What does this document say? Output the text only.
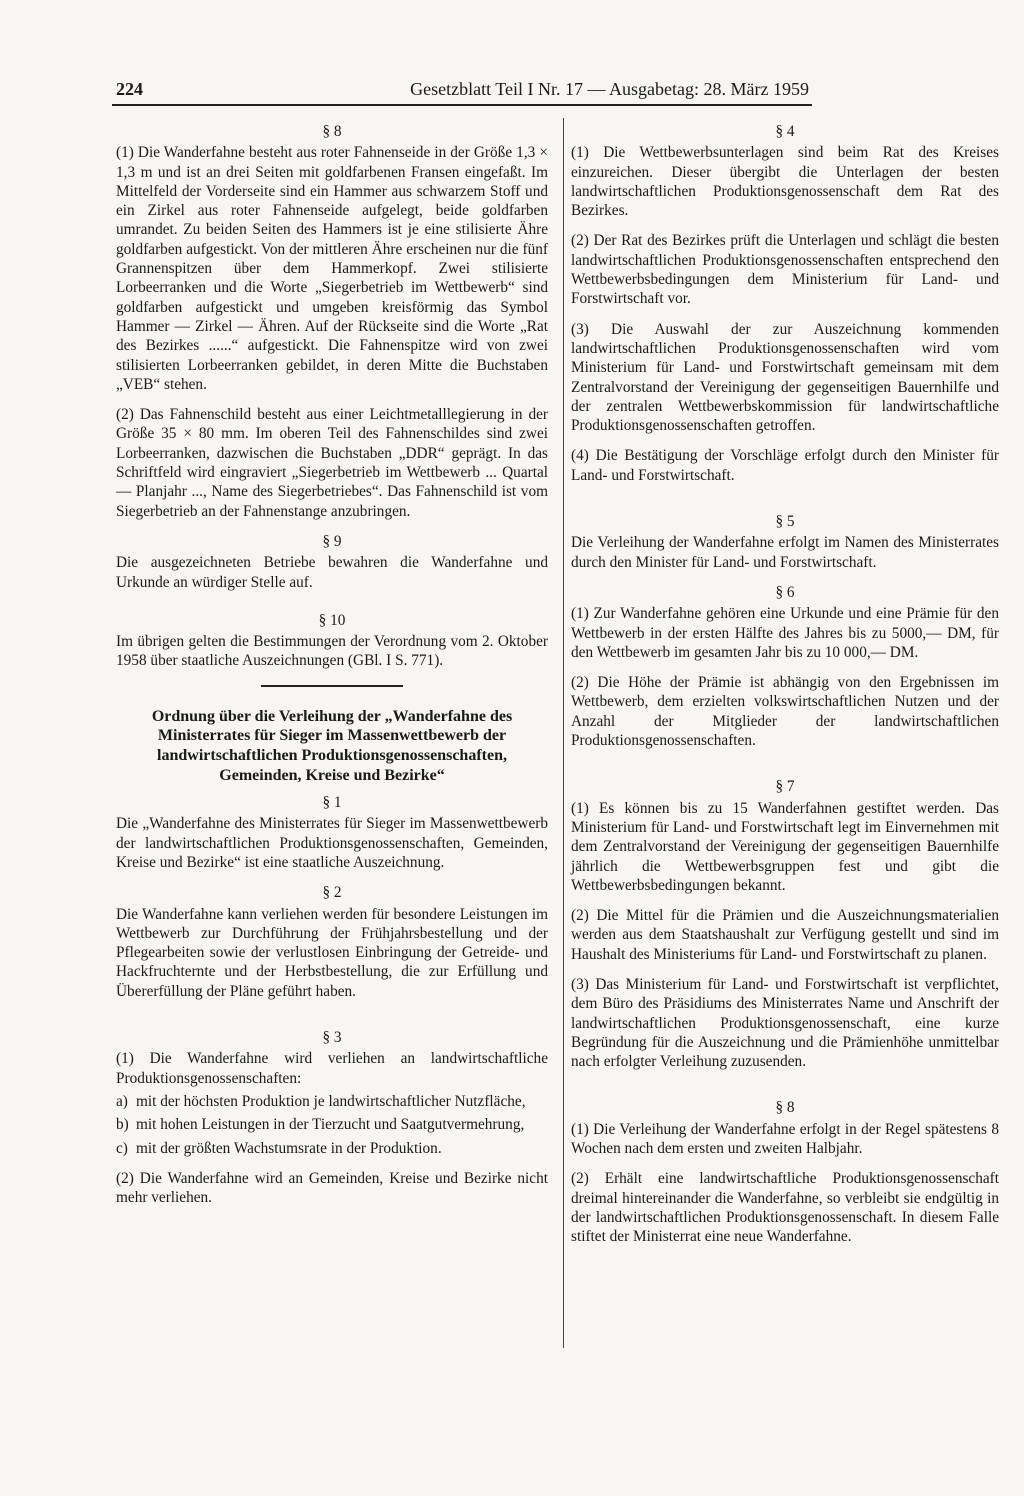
224	Gesetzblatt Teil I Nr. 17 — Ausgabetag: 28. März 1959
§ 8
(1) Die Wanderfahne besteht aus roter Fahnenseide in der Größe 1,3 × 1,3 m und ist an drei Seiten mit goldfarbenen Fransen eingefaßt. Im Mittelfeld der Vorderseite sind ein Hammer aus schwarzem Stoff und ein Zirkel aus roter Fahnenseide aufgelegt, beide goldfarben umrandet. Zu beiden Seiten des Hammers ist je eine stilisierte Ähre goldfarben aufgestickt. Von der mittleren Ähre erscheinen nur die fünf Grannenspitzen über dem Hammerkopf. Zwei stilisierte Lorbeerranken und die Worte „Siegerbetrieb im Wettbewerb“ sind goldfarben aufgestickt und umgeben kreisförmig das Symbol Hammer — Zirkel — Ähren. Auf der Rückseite sind die Worte „Rat des Bezirkes ......“ aufgestickt. Die Fahnenspitze wird von zwei stilisierten Lorbeerranken gebildet, in deren Mitte die Buchstaben „VEB“ stehen.
(2) Das Fahnenschild besteht aus einer Leichtmetalllegierung in der Größe 35 × 80 mm. Im oberen Teil des Fahnenschildes sind zwei Lorbeerranken, dazwischen die Buchstaben „DDR“ geprägt. In das Schriftfeld wird eingraviert „Siegerbetrieb im Wettbewerb ... Quartal — Planjahr ..., Name des Siegerbetriebes“. Das Fahnenschild ist vom Siegerbetrieb an der Fahnenstange anzubringen.
§ 9
Die ausgezeichneten Betriebe bewahren die Wanderfahne und Urkunde an würdiger Stelle auf.
§ 10
Im übrigen gelten die Bestimmungen der Verordnung vom 2. Oktober 1958 über staatliche Auszeichnungen (GBl. I S. 771).
Ordnung über die Verleihung der „Wanderfahne des Ministerrates für Sieger im Massenwettbewerb der landwirtschaftlichen Produktionsgenossenschaften, Gemeinden, Kreise und Bezirke“
§ 1
Die „Wanderfahne des Ministerrates für Sieger im Massenwettbewerb der landwirtschaftlichen Produktionsgenossenschaften, Gemeinden, Kreise und Bezirke“ ist eine staatliche Auszeichnung.
§ 2
Die Wanderfahne kann verliehen werden für besondere Leistungen im Wettbewerb zur Durchführung der Frühjahrsbestellung und der Pflegearbeiten sowie der verlustlosen Einbringung der Getreide- und Hackfruchternte und der Herbstbestellung, die zur Erfüllung und Übererfüllung der Pläne geführt haben.
§ 3
(1) Die Wanderfahne wird verliehen an landwirtschaftliche Produktionsgenossenschaften:
a) mit der höchsten Produktion je landwirtschaftlicher Nutzfläche,
b) mit hohen Leistungen in der Tierzucht und Saatgutvermehrung,
c) mit der größten Wachstumsrate in der Produktion.
(2) Die Wanderfahne wird an Gemeinden, Kreise und Bezirke nicht mehr verliehen.
§ 4
(1) Die Wettbewerbsunterlagen sind beim Rat des Kreises einzureichen. Dieser übergibt die Unterlagen der besten landwirtschaftlichen Produktionsgenossenschaft dem Rat des Bezirkes.
(2) Der Rat des Bezirkes prüft die Unterlagen und schlägt die besten landwirtschaftlichen Produktionsgenossenschaften entsprechend den Wettbewerbsbedingungen dem Ministerium für Land- und Forstwirtschaft vor.
(3) Die Auswahl der zur Auszeichnung kommenden landwirtschaftlichen Produktionsgenossenschaften wird vom Ministerium für Land- und Forstwirtschaft gemeinsam mit dem Zentralvorstand der Vereinigung der gegenseitigen Bauernhilfe und der zentralen Wettbewerbskommission für landwirtschaftliche Produktionsgenossenschaften getroffen.
(4) Die Bestätigung der Vorschläge erfolgt durch den Minister für Land- und Forstwirtschaft.
§ 5
Die Verleihung der Wanderfahne erfolgt im Namen des Ministerrates durch den Minister für Land- und Forstwirtschaft.
§ 6
(1) Zur Wanderfahne gehören eine Urkunde und eine Prämie für den Wettbewerb in der ersten Hälfte des Jahres bis zu 5000,— DM, für den Wettbewerb im gesamten Jahr bis zu 10 000,— DM.
(2) Die Höhe der Prämie ist abhängig von den Ergebnissen im Wettbewerb, dem erzielten volkswirtschaftlichen Nutzen und der Anzahl der Mitglieder der landwirtschaftlichen Produktionsgenossenschaften.
§ 7
(1) Es können bis zu 15 Wanderfahnen gestiftet werden. Das Ministerium für Land- und Forstwirtschaft legt im Einvernehmen mit dem Zentralvorstand der Vereinigung der gegenseitigen Bauernhilfe jährlich die Wettbewerbsgruppen fest und gibt die Wettbewerbsbedingungen bekannt.
(2) Die Mittel für die Prämien und die Auszeichnungsmaterialien werden aus dem Staatshaushalt zur Verfügung gestellt und sind im Haushalt des Ministeriums für Land- und Forstwirtschaft zu planen.
(3) Das Ministerium für Land- und Forstwirtschaft ist verpflichtet, dem Büro des Präsidiums des Ministerrates Name und Anschrift der landwirtschaftlichen Produktionsgenossenschaft, eine kurze Begründung für die Auszeichnung und die Prämienhöhe unmittelbar nach erfolgter Verleihung zuzusenden.
§ 8
(1) Die Verleihung der Wanderfahne erfolgt in der Regel spätestens 8 Wochen nach dem ersten und zweiten Halbjahr.
(2) Erhält eine landwirtschaftliche Produktionsgenossenschaft dreimal hintereinander die Wanderfahne, so verbleibt sie endgültig in der landwirtschaftlichen Produktionsgenossenschaft. In diesem Falle stiftet der Ministerrat eine neue Wanderfahne.
